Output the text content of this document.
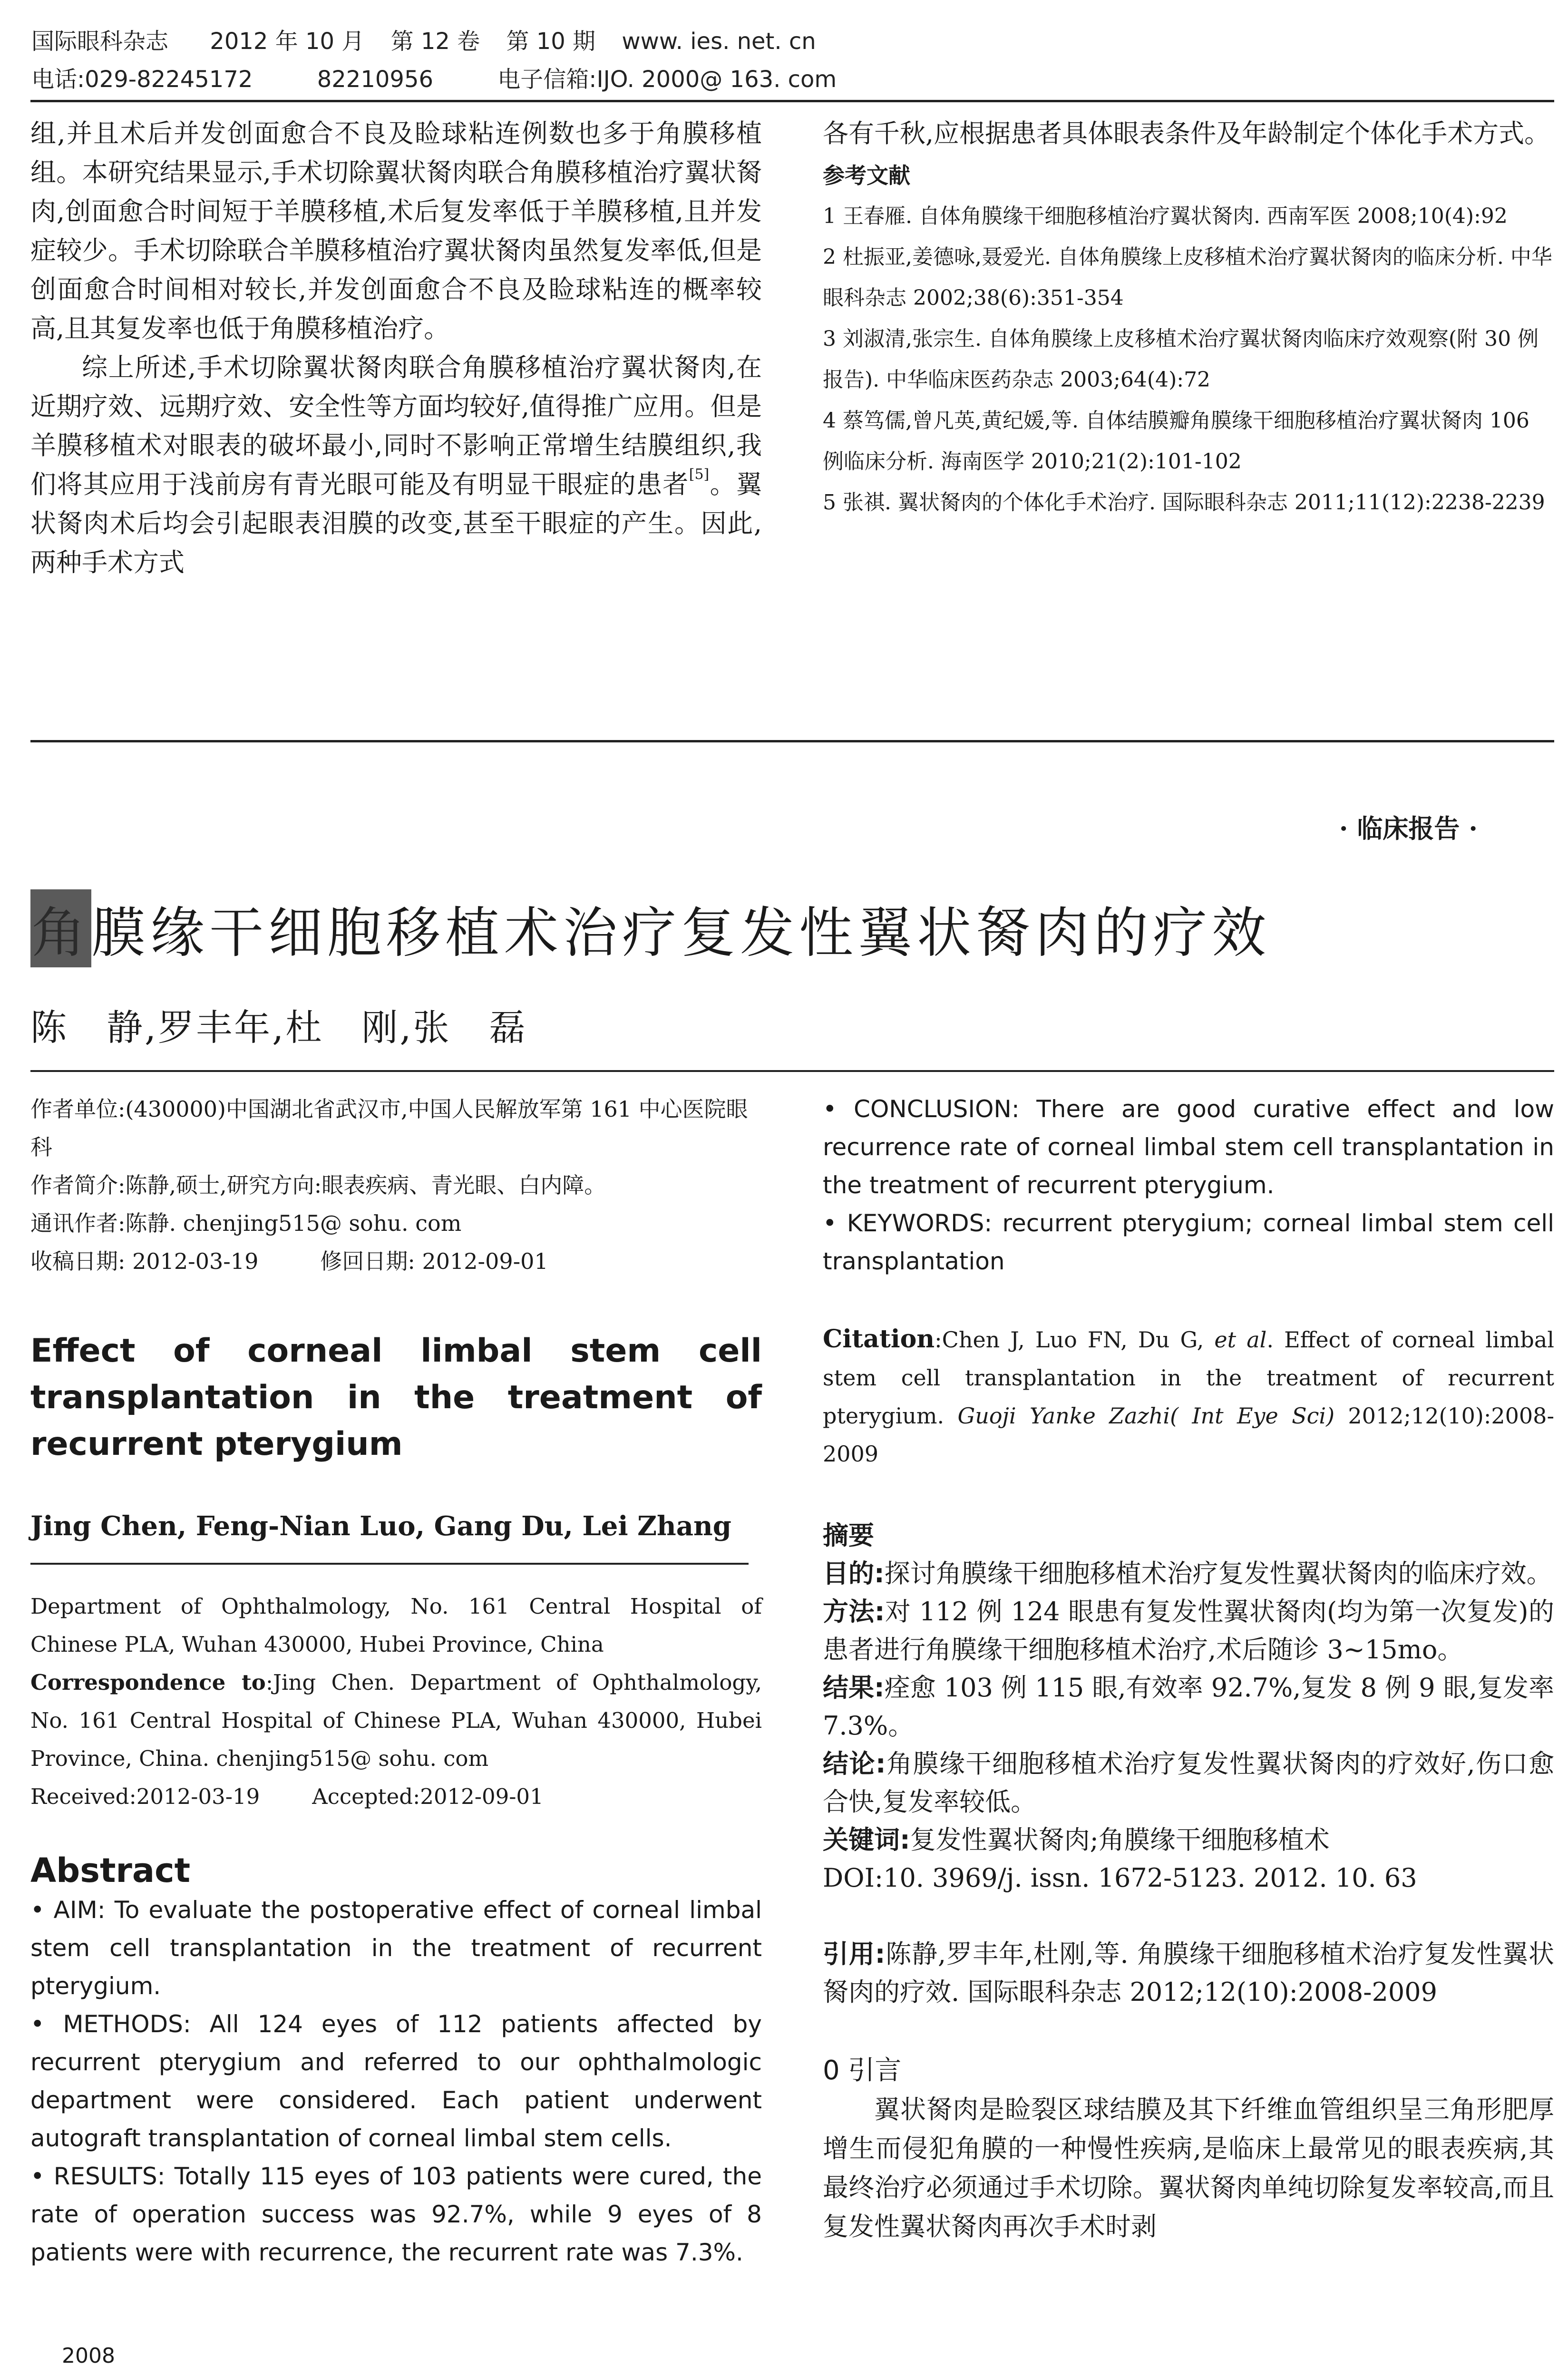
国际眼科杂志 2012 年 10 月 第 12 卷 第 10 期 www. ies. net. cn
电话:029-82245172	82210956	电子信箱:IJO. 2000@ 163. com

组,并且术后并发创面愈合不良及睑球粘连例数也多于角膜移植组。本研究结果显示,手术切除翼状胬肉联合角膜移植治疗翼状胬肉,创面愈合时间短于羊膜移植,术后复发率低于羊膜移植,且并发症较少。手术切除联合羊膜移植治疗翼状胬肉虽然复发率低,但是创面愈合时间相对较长,并发创面愈合不良及睑球粘连的概率较高,且其复发率也低于角膜移植治疗。

综上所述,手术切除翼状胬肉联合角膜移植治疗翼状胬肉,在近期疗效、远期疗效、安全性等方面均较好,值得推广应用。但是羊膜移植术对眼表的破坏最小,同时不影响正常增生结膜组织,我们将其应用于浅前房有青光眼可能及有明显干眼症的患者[5]。翼状胬肉术后均会引起眼表泪膜的改变,甚至干眼症的产生。因此,两种手术方式

各有千秋,应根据患者具体眼表条件及年龄制定个体化手术方式。
参考文献
1 王春雁. 自体角膜缘干细胞移植治疗翼状胬肉. 西南军医 2008;10(4):92
2 杜振亚,姜德咏,聂爱光. 自体角膜缘上皮移植术治疗翼状胬肉的临床分析. 中华眼科杂志 2002;38(6):351-354
3 刘淑清,张宗生. 自体角膜缘上皮移植术治疗翼状胬肉临床疗效观察(附 30 例报告). 中华临床医药杂志 2003;64(4):72
4 蔡笃儒,曾凡英,黄纪媛,等. 自体结膜瓣角膜缘干细胞移植治疗翼状胬肉 106 例临床分析. 海南医学 2010;21(2):101-102
5 张祺. 翼状胬肉的个体化手术治疗. 国际眼科杂志 2011;11(12):2238-2239
· 临床报告 ·
角膜缘干细胞移植术治疗复发性翼状胬肉的疗效
陈　静,罗丰年,杜　刚,张　磊
作者单位:(430000)中国湖北省武汉市,中国人民解放军第 161 中心医院眼科
作者简介:陈静,硕士,研究方向:眼表疾病、青光眼、白内障。
通讯作者:陈静. chenjing515@ sohu. com
收稿日期: 2012-03-19	修回日期: 2012-09-01
Effect of corneal limbal stem cell transplantation in the treatment of recurrent pterygium
Jing Chen, Feng-Nian Luo, Gang Du, Lei Zhang
Department of Ophthalmology, No. 161 Central Hospital of Chinese PLA, Wuhan 430000, Hubei Province, China
Correspondence to:Jing Chen. Department of Ophthalmology, No. 161 Central Hospital of Chinese PLA, Wuhan 430000, Hubei Province, China. chenjing515@ sohu. com
Received:2012-03-19 Accepted:2012-09-01
Abstract

• AIM: To evaluate the postoperative effect of corneal limbal stem cell transplantation in the treatment of recurrent pterygium.

• METHODS: All 124 eyes of 112 patients affected by recurrent pterygium and referred to our ophthalmologic department were considered. Each patient underwent autograft transplantation of corneal limbal stem cells.

• RESULTS: Totally 115 eyes of 103 patients were cured, the rate of operation success was 92.7%, while 9 eyes of 8 patients were with recurrence, the recurrent rate was 7.3%.

• CONCLUSION: There are good curative effect and low recurrence rate of corneal limbal stem cell transplantation in the treatment of recurrent pterygium.

• KEYWORDS: recurrent pterygium; corneal limbal stem cell transplantation

Citation:Chen J, Luo FN, Du G, et al. Effect of corneal limbal stem cell transplantation in the treatment of recurrent pterygium. Guoji Yanke Zazhi( Int Eye Sci) 2012;12(10):2008-2009

摘要

目的:探讨角膜缘干细胞移植术治疗复发性翼状胬肉的临床疗效。

方法:对 112 例 124 眼患有复发性翼状胬肉(均为第一次复发)的患者进行角膜缘干细胞移植术治疗,术后随诊 3~15mo。

结果:痊愈 103 例 115 眼,有效率 92.7%,复发 8 例 9 眼,复发率 7.3%。

结论:角膜缘干细胞移植术治疗复发性翼状胬肉的疗效好,伤口愈合快,复发率较低。

关键词:复发性翼状胬肉;角膜缘干细胞移植术

DOI:10. 3969/j. issn. 1672-5123. 2012. 10. 63

引用:陈静,罗丰年,杜刚,等. 角膜缘干细胞移植术治疗复发性翼状胬肉的疗效. 国际眼科杂志 2012;12(10):2008-2009

0 引言
翼状胬肉是睑裂区球结膜及其下纤维血管组织呈三角形肥厚增生而侵犯角膜的一种慢性疾病,是临床上最常见的眼表疾病,其最终治疗必须通过手术切除。翼状胬肉单纯切除复发率较高,而且复发性翼状胬肉再次手术时剥
2008
